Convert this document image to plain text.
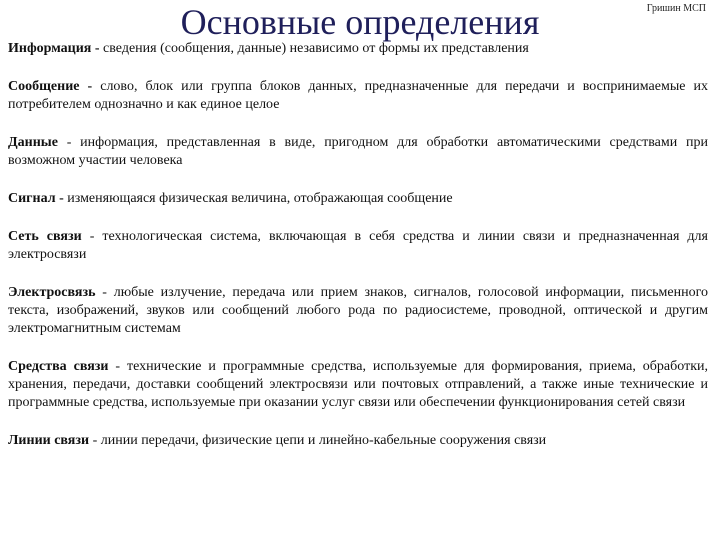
Основные определения	Гришин МСП
Информация - сведения (сообщения, данные) независимо от формы их представления
Сообщение - слово, блок или группа блоков данных, предназначенные для передачи и воспринимаемые их потребителем однозначно и как единое целое
Данные - информация, представленная в виде, пригодном для обработки автоматическими средствами при возможном участии человека
Сигнал - изменяющаяся физическая величина, отображающая сообщение
Сеть связи - технологическая система, включающая в себя средства и линии связи и предназначенная для электросвязи
Электросвязь - любые излучение, передача или прием знаков, сигналов, голосовой информации, письменного текста, изображений, звуков или сообщений любого рода по радиосистеме, проводной, оптической и другим электромагнитным системам
Средства связи - технические и программные средства, используемые для формирования, приема, обработки, хранения, передачи, доставки сообщений электросвязи или почтовых отправлений, а также иные технические и программные средства, используемые при оказании услуг связи или обеспечении функционирования сетей связи
Линии связи - линии передачи, физические цепи и линейно-кабельные сооружения связи
